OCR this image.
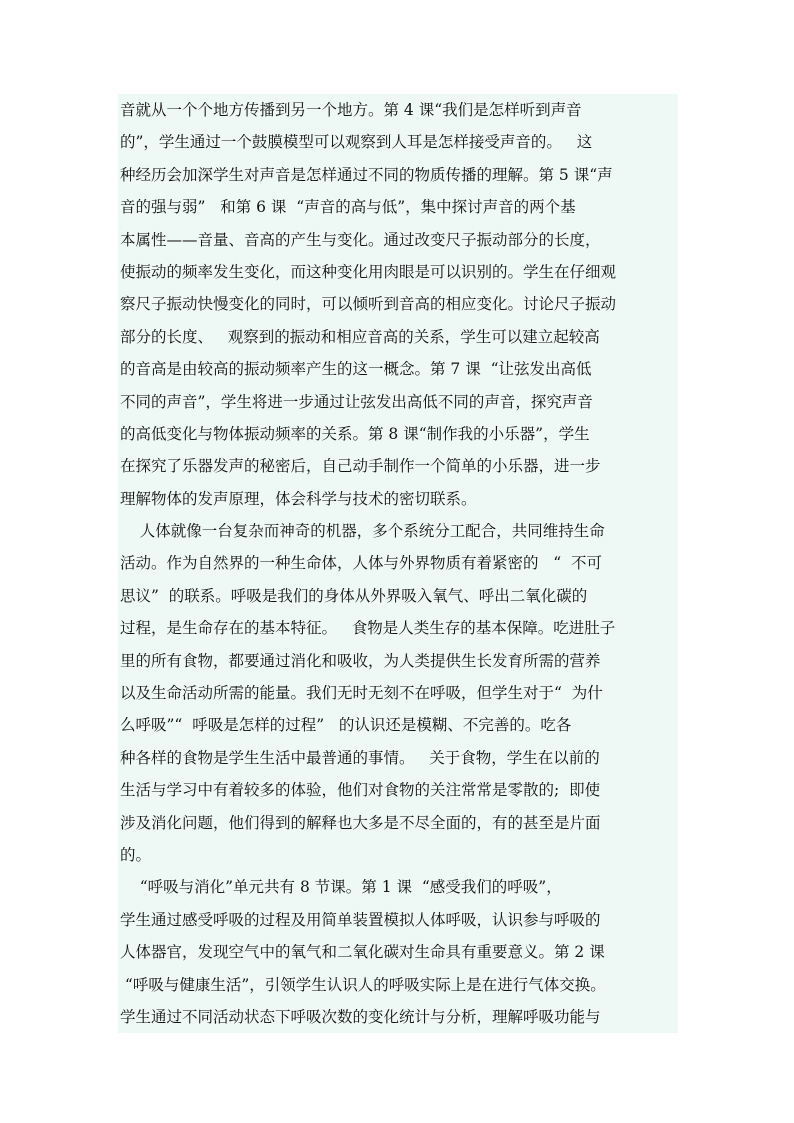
音就从一个个地方传播到另一个地方。第 4 课“我们是怎样听到声音
的”，学生通过一个鼓膜模型可以观察到人耳是怎样接受声音的。   这
种经历会加深学生对声音是怎样通过不同的物质传播的理解。第 5 课“声
音的强与弱”   和第 6 课  “声音的高与低”，集中探讨声音的两个基
本属性——音量、音高的产生与变化。通过改变尺子振动部分的长度，
使振动的频率发生变化，而这种变化用肉眼是可以识别的。学生在仔细观
察尺子振动快慢变化的同时，可以倾听到音高的相应变化。讨论尺子振动
部分的长度、   观察到的振动和相应音高的关系，学生可以建立起较高
的音高是由较高的振动频率产生的这一概念。第 7 课  “让弦发出高低
不同的声音”，学生将进一步通过让弦发出高低不同的声音，探究声音
的高低变化与物体振动频率的关系。第 8 课“制作我的小乐器”，学生
在探究了乐器发声的秘密后，自己动手制作一个简单的小乐器，进一步
理解物体的发声原理，体会科学与技术的密切联系。
人体就像一台复杂而神奇的机器，多个系统分工配合，共同维持生命
活动。作为自然界的一种生命体，人体与外界物质有着紧密的   “  不可
思议”  的联系。呼吸是我们的身体从外界吸入氧气、呼出二氧化碳的
过程，是生命存在的基本特征。   食物是人类生存的基本保障。吃进肚子
里的所有食物，都要通过消化和吸收，为人类提供生长发育所需的营养
以及生命活动所需的能量。我们无时无刻不在呼吸，但学生对于“  为什
么呼吸”“  呼吸是怎样的过程”   的认识还是模糊、不完善的。吃各
种各样的食物是学生生活中最普通的事情。   关于食物，学生在以前的
生活与学习中有着较多的体验，他们对食物的关注常常是零散的;  即使
涉及消化问题，他们得到的解释也大多是不尽全面的，有的甚至是片面
的。
“呼吸与消化”单元共有 8 节课。第 1 课  “感受我们的呼吸”，
学生通过感受呼吸的过程及用简单装置模拟人体呼吸，认识参与呼吸的
人体器官，发现空气中的氧气和二氧化碳对生命具有重要意义。第 2 课
“呼吸与健康生活”，引领学生认识人的呼吸实际上是在进行气体交换。
学生通过不同活动状态下呼吸次数的变化统计与分析，理解呼吸功能与
